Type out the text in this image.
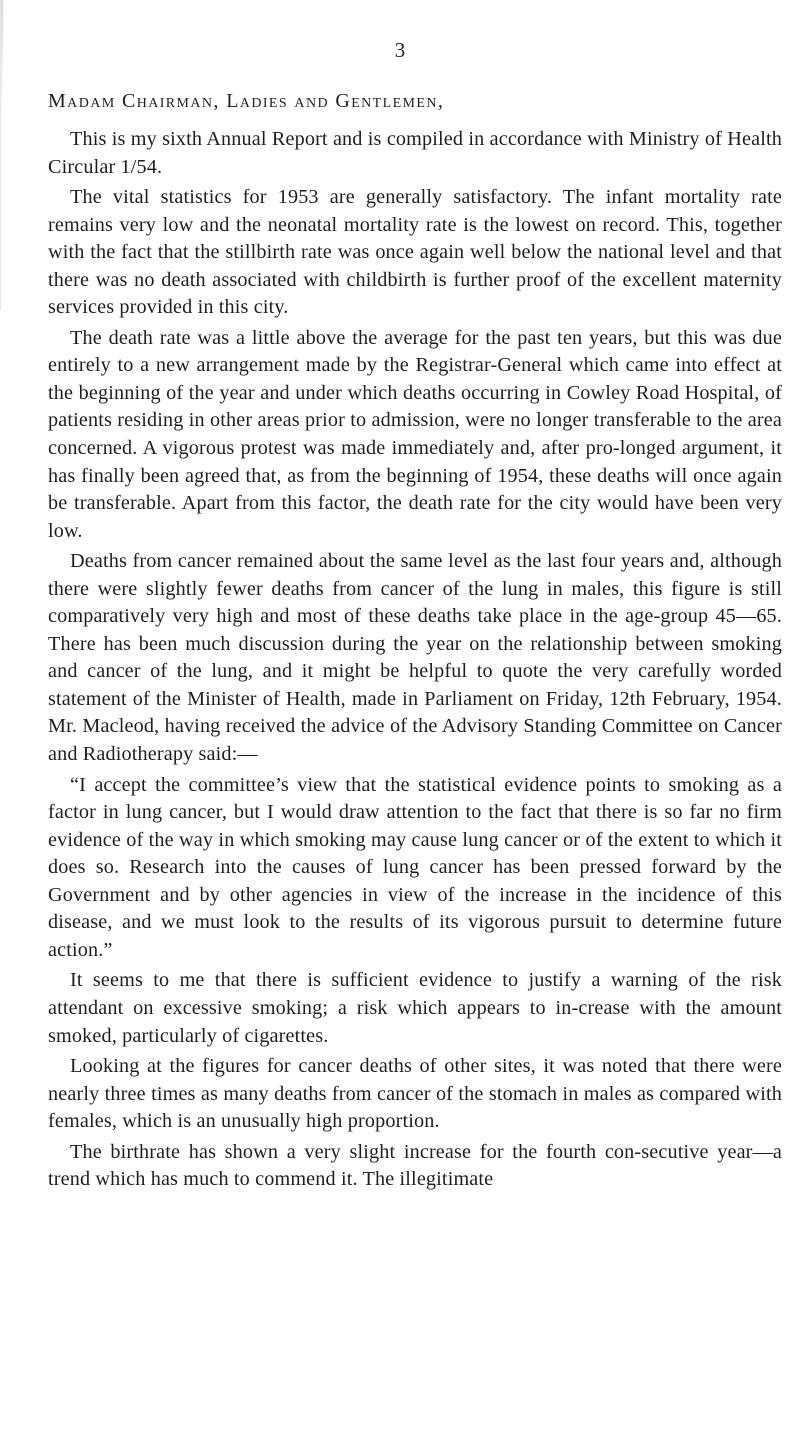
3

Madam Chairman, Ladies and Gentlemen,

This is my sixth Annual Report and is compiled in accordance with Ministry of Health Circular 1/54.

The vital statistics for 1953 are generally satisfactory. The infant mortality rate remains very low and the neonatal mortality rate is the lowest on record. This, together with the fact that the stillbirth rate was once again well below the national level and that there was no death associated with childbirth is further proof of the excellent maternity services provided in this city.

The death rate was a little above the average for the past ten years, but this was due entirely to a new arrangement made by the Registrar-General which came into effect at the beginning of the year and under which deaths occurring in Cowley Road Hospital, of patients residing in other areas prior to admission, were no longer transferable to the area concerned. A vigorous protest was made immediately and, after pro-longed argument, it has finally been agreed that, as from the beginning of 1954, these deaths will once again be transferable. Apart from this factor, the death rate for the city would have been very low.

Deaths from cancer remained about the same level as the last four years and, although there were slightly fewer deaths from cancer of the lung in males, this figure is still comparatively very high and most of these deaths take place in the age-group 45—65. There has been much discussion during the year on the relationship between smoking and cancer of the lung, and it might be helpful to quote the very carefully worded statement of the Minister of Health, made in Parliament on Friday, 12th February, 1954. Mr. Macleod, having received the advice of the Advisory Standing Committee on Cancer and Radiotherapy said:—

“I accept the committee’s view that the statistical evidence points to smoking as a factor in lung cancer, but I would draw attention to the fact that there is so far no firm evidence of the way in which smoking may cause lung cancer or of the extent to which it does so. Research into the causes of lung cancer has been pressed forward by the Government and by other agencies in view of the increase in the incidence of this disease, and we must look to the results of its vigorous pursuit to determine future action.”

It seems to me that there is sufficient evidence to justify a warning of the risk attendant on excessive smoking; a risk which appears to in-crease with the amount smoked, particularly of cigarettes.

Looking at the figures for cancer deaths of other sites, it was noted that there were nearly three times as many deaths from cancer of the stomach in males as compared with females, which is an unusually high proportion.

The birthrate has shown a very slight increase for the fourth con-secutive year—a trend which has much to commend it. The illegitimate
